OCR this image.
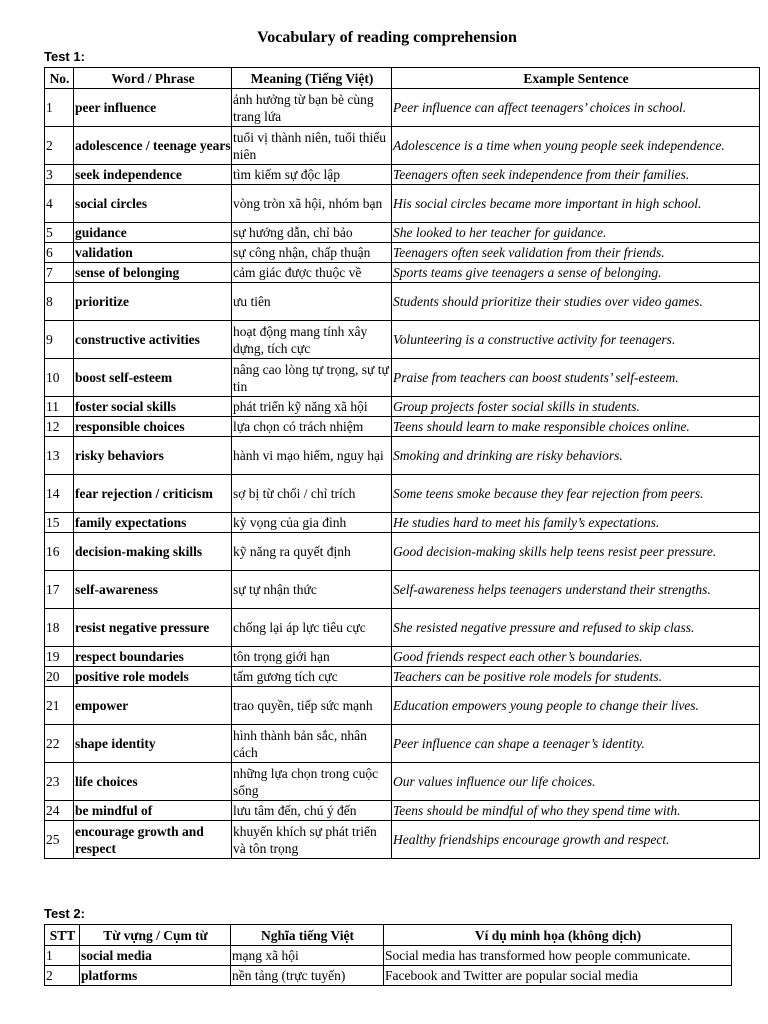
Vocabulary of reading comprehension
Test 1:
No.	Word / Phrase	Meaning (Tiếng Việt)	Example Sentence
1	peer influence	ảnh hưởng từ bạn bè cùng trang lứa	Peer influence can affect teenagers’ choices in school.
2	adolescence / teenage years	tuổi vị thành niên, tuổi thiếu niên	Adolescence is a time when young people seek independence.
3	seek independence	tìm kiếm sự độc lập	Teenagers often seek independence from their families.
4	social circles	vòng tròn xã hội, nhóm bạn	His social circles became more important in high school.
5	guidance	sự hướng dẫn, chỉ bảo	She looked to her teacher for guidance.
6	validation	sự công nhận, chấp thuận	Teenagers often seek validation from their friends.
7	sense of belonging	cảm giác được thuộc về	Sports teams give teenagers a sense of belonging.
8	prioritize	ưu tiên	Students should prioritize their studies over video games.
9	constructive activities	hoạt động mang tính xây dựng, tích cực	Volunteering is a constructive activity for teenagers.
10	boost self-esteem	nâng cao lòng tự trọng, sự tự tin	Praise from teachers can boost students’ self-esteem.
11	foster social skills	phát triển kỹ năng xã hội	Group projects foster social skills in students.
12	responsible choices	lựa chọn có trách nhiệm	Teens should learn to make responsible choices online.
13	risky behaviors	hành vi mạo hiểm, nguy hại	Smoking and drinking are risky behaviors.
14	fear rejection / criticism	sợ bị từ chối / chỉ trích	Some teens smoke because they fear rejection from peers.
15	family expectations	kỳ vọng của gia đình	He studies hard to meet his family’s expectations.
16	decision-making skills	kỹ năng ra quyết định	Good decision-making skills help teens resist peer pressure.
17	self-awareness	sự tự nhận thức	Self-awareness helps teenagers understand their strengths.
18	resist negative pressure	chống lại áp lực tiêu cực	She resisted negative pressure and refused to skip class.
19	respect boundaries	tôn trọng giới hạn	Good friends respect each other’s boundaries.
20	positive role models	tấm gương tích cực	Teachers can be positive role models for students.
21	empower	trao quyền, tiếp sức mạnh	Education empowers young people to change their lives.
22	shape identity	hình thành bản sắc, nhân cách	Peer influence can shape a teenager’s identity.
23	life choices	những lựa chọn trong cuộc sống	Our values influence our life choices.
24	be mindful of	lưu tâm đến, chú ý đến	Teens should be mindful of who they spend time with.
25	encourage growth and respect	khuyến khích sự phát triển và tôn trọng	Healthy friendships encourage growth and respect.
Test 2:
STT	Từ vựng / Cụm từ	Nghĩa tiếng Việt	Ví dụ minh họa (không dịch)
1	social media	mạng xã hội	Social media has transformed how people communicate.
2	platforms	nền tảng (trực tuyến)	Facebook and Twitter are popular social media
